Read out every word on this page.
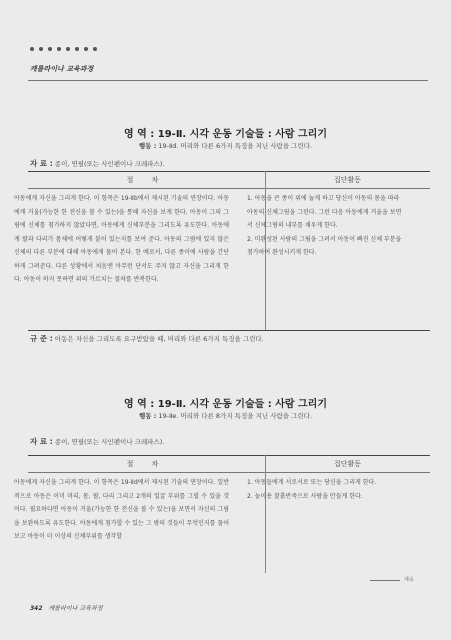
캐롤라이나 교육과정
영 역 : 19-Ⅱ. 시각 운동 기술들 : 사람 그리기
행동 : 19-Ⅱd. 머리와 다른 6가지 특징을 지닌 사람을 그린다.
자 료 : 종이, 연필(또는 사인펜이나 크레파스).
절 차	집단활동
아동에게 자신을 그리게 한다. 이 항목은 19-Ⅱb에서 제시된 기술의 연장이다. 아동에게 거울(가능한 한 전신을 볼 수 있는)을 통해 자신을 보게 한다. 아동이 그의 그림에 신체를 첨가하지 않았다면, 아동에게 신체부분을 그리도록 유도한다. 아동에게 팔과 다리가 몸체에 어떻게 붙어 있는지를 보여 준다. 아동의 그림에 있지 않은 신체의 다른 부분에 대해 아동에게 물어 본다. 한 예로서, 다른 종이에 사람을 간단하게 그려준다. 다른 상황에서 처음엔 아무런 단서도 주지 않고 자신을 그리게 한다. 아동이 하지 못하면 위의 가르치는 절차를 반복한다.

1. 아동을 큰 종이 위에 눕게 하고 당신이 아동의 몸을 따라 아동의 신체그림을 그린다. 그런 다음 아동에게 거울을 보면서 신체그림의 내부를 채우게 한다.

2. 미완성된 사람의 그림을 그려서 아동이 빠진 신체 부분을 첨가하여 완성시키게 한다.

규 준 : 아동은 자신을 그리도록 요구받았을 때, 머리와 다른 6가지 특징을 그린다.
영 역 : 19-Ⅱ. 시각 운동 기술들 : 사람 그리기
행동 : 19-Ⅱe. 머리와 다른 8가지 특징을 지닌 사람을 그린다.
자 료 : 종이, 연필(또는 사인펜이나 크레파스).
절 차	집단활동
아동에게 자신을 그리게 한다. 이 항목은 19-Ⅱd에서 제시된 기술의 연장이다. 일반적으로 아동은 이미 머리, 몸, 팔, 다리 그리고 2개의 얼굴 부위를 그릴 수 있을 것이다. 필요하다면 아동이 거울(가능한 한 전신을 볼 수 있는)을 보면서 자신의 그림을 보완하도록 유도한다. 아동에게 첨가할 수 있는 그 밖의 것들이 무엇인지를 물어 보고 아동이 더 이상의 신체부위를 생각할

1. 아동들에게 서로서로 또는 당신을 그리게 한다.

2. 놀이용 찰흙반죽으로 사람을 만들게 한다.

계속
342 캐롤라이나 교육과정
